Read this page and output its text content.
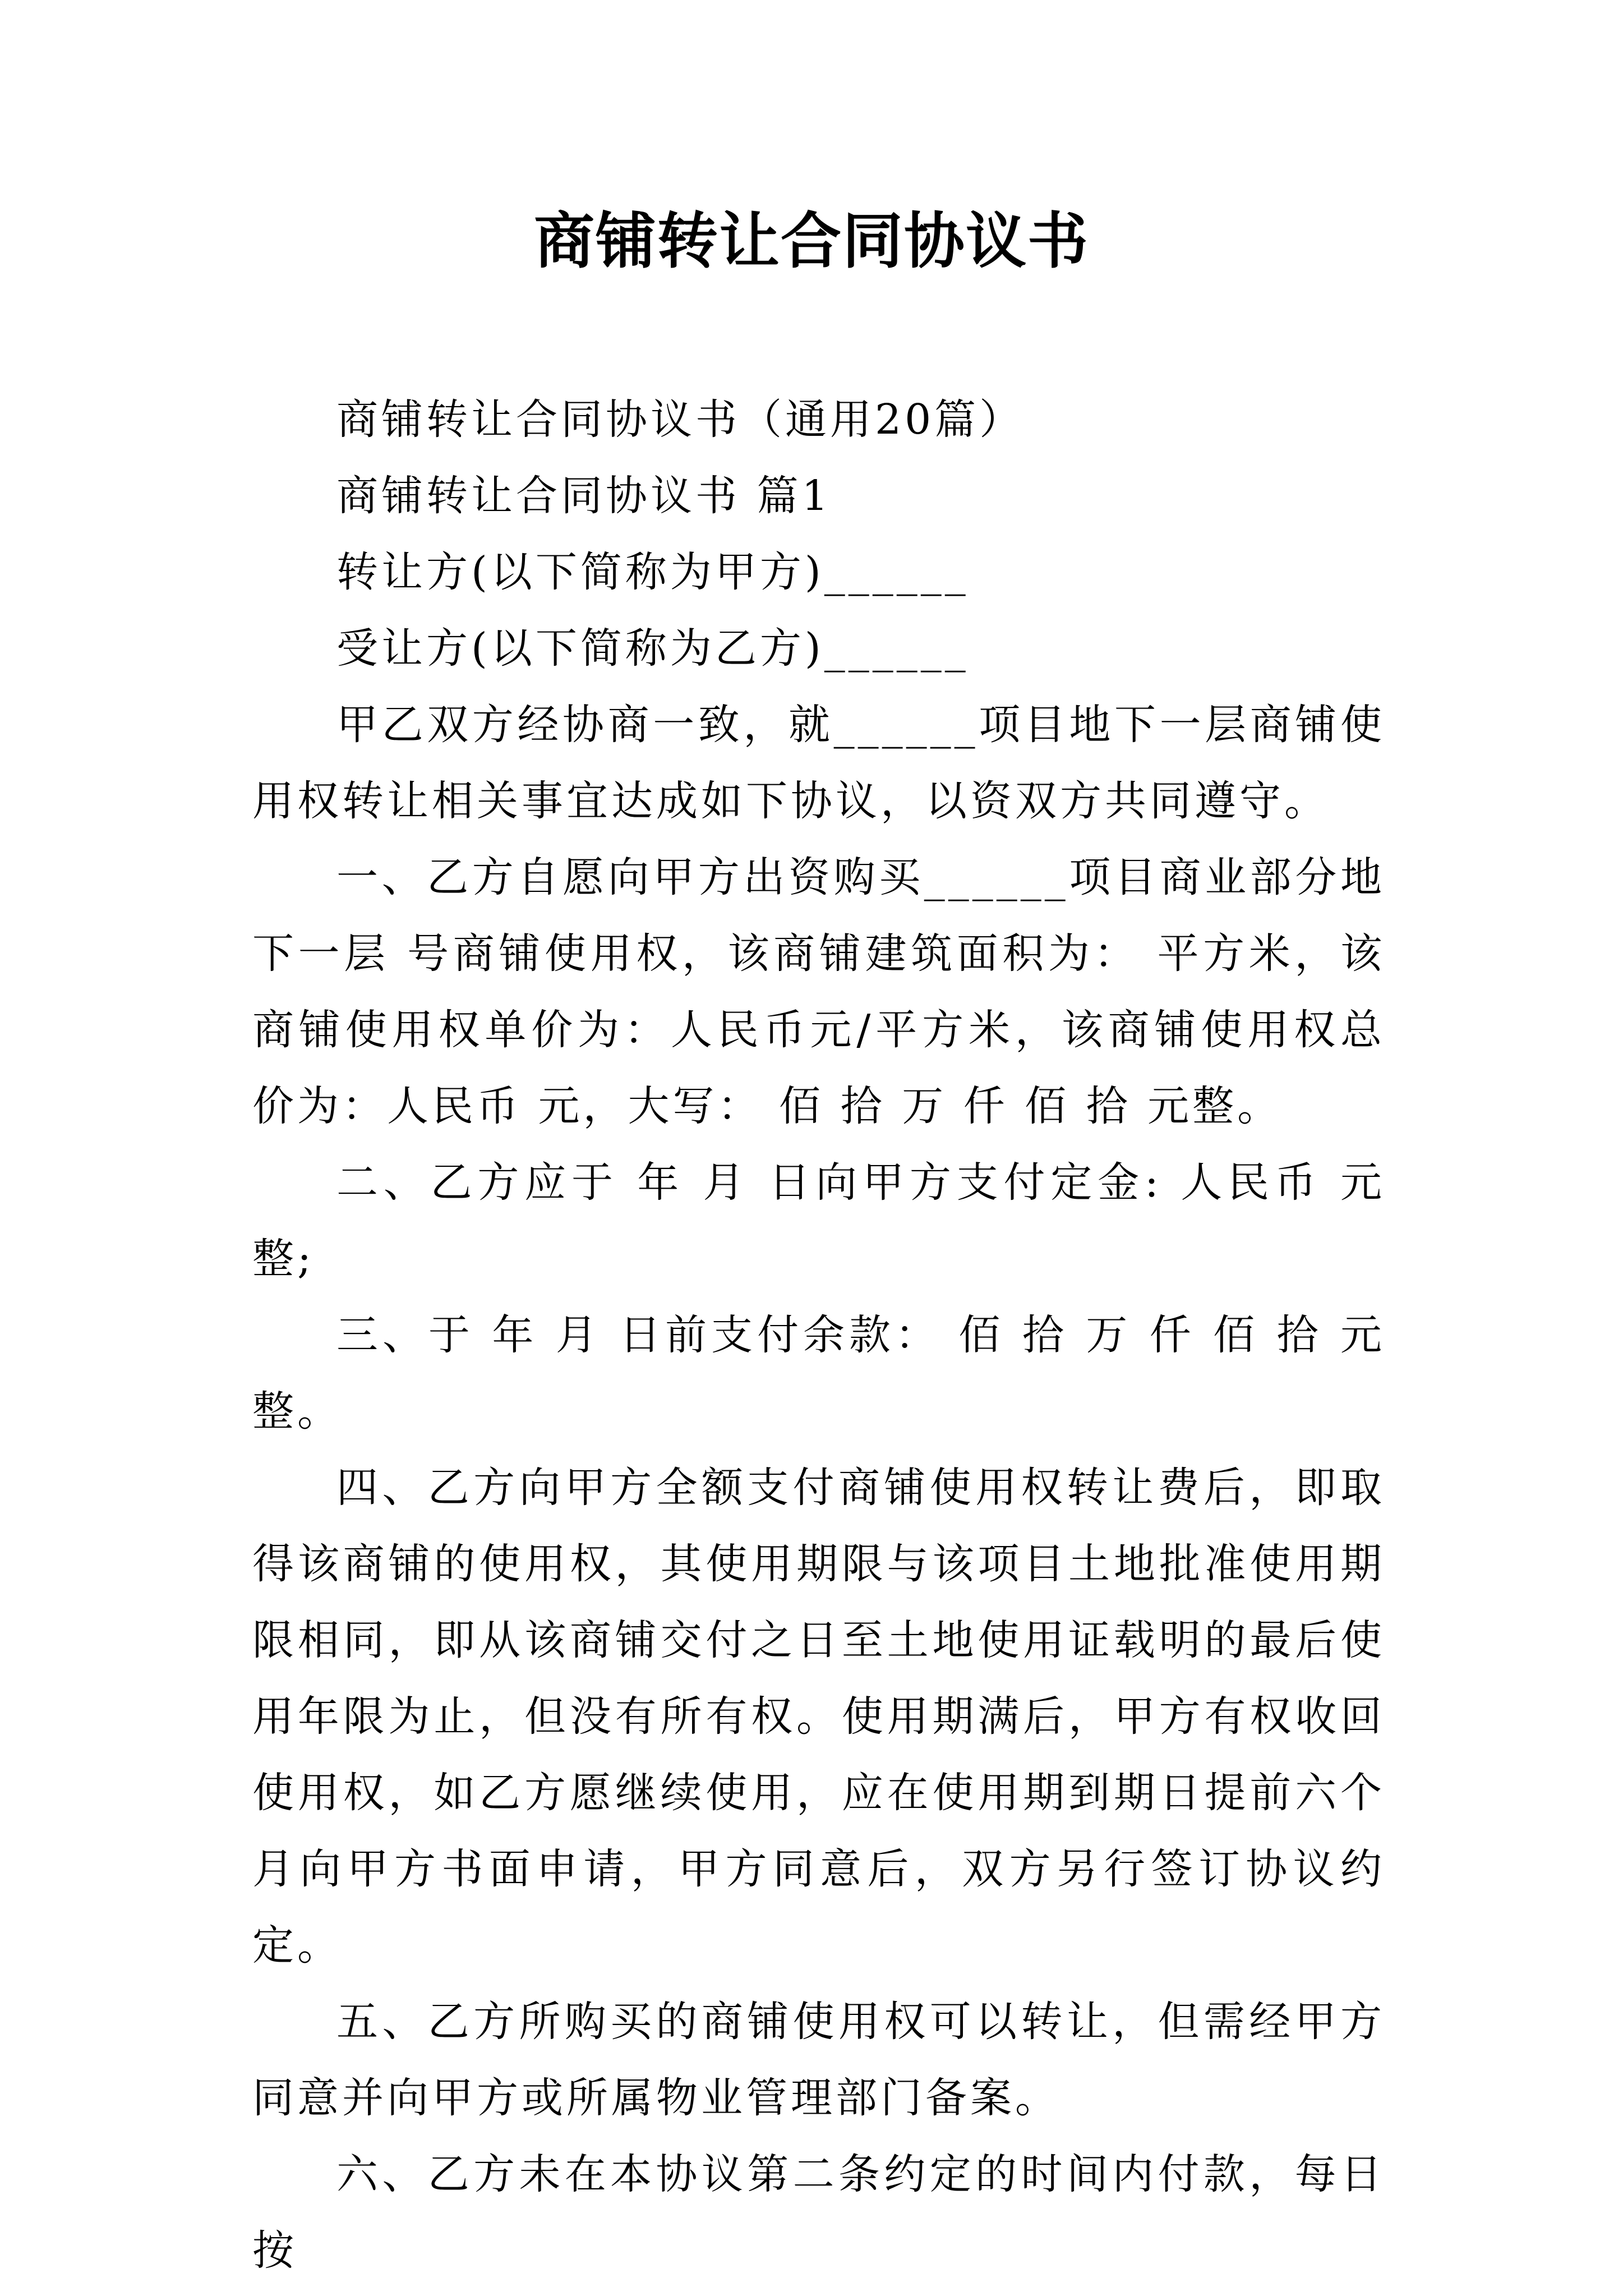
商铺转让合同协议书

商铺转让合同协议书（通用20篇）

商铺转让合同协议书 篇1

转让方(以下简称为甲方)______

受让方(以下简称为乙方)______

甲乙双方经协商一致，就______项目地下一层商铺使用权转让相关事宜达成如下协议，以资双方共同遵守。

一、乙方自愿向甲方出资购买______项目商业部分地下一层 号商铺使用权，该商铺建筑面积为： 平方米，该商铺使用权单价为：人民币元/平方米，该商铺使用权总价为：人民币 元，大写： 佰 拾 万 仟 佰 拾 元整。

二、乙方应于 年 月 日向甲方支付定金: 人民币 元整;

三、于 年 月 日前支付余款： 佰 拾 万 仟 佰 拾 元整。

四、乙方向甲方全额支付商铺使用权转让费后，即取得该商铺的使用权，其使用期限与该项目土地批准使用期限相同，即从该商铺交付之日至土地使用证载明的最后使用年限为止，但没有所有权。使用期满后，甲方有权收回使用权，如乙方愿继续使用，应在使用期到期日提前六个月向甲方书面申请，甲方同意后，双方另行签订协议约定。

五、乙方所购买的商铺使用权可以转让，但需经甲方同意并向甲方或所属物业管理部门备案。

六、乙方未在本协议第二条约定的时间内付款，每日按
